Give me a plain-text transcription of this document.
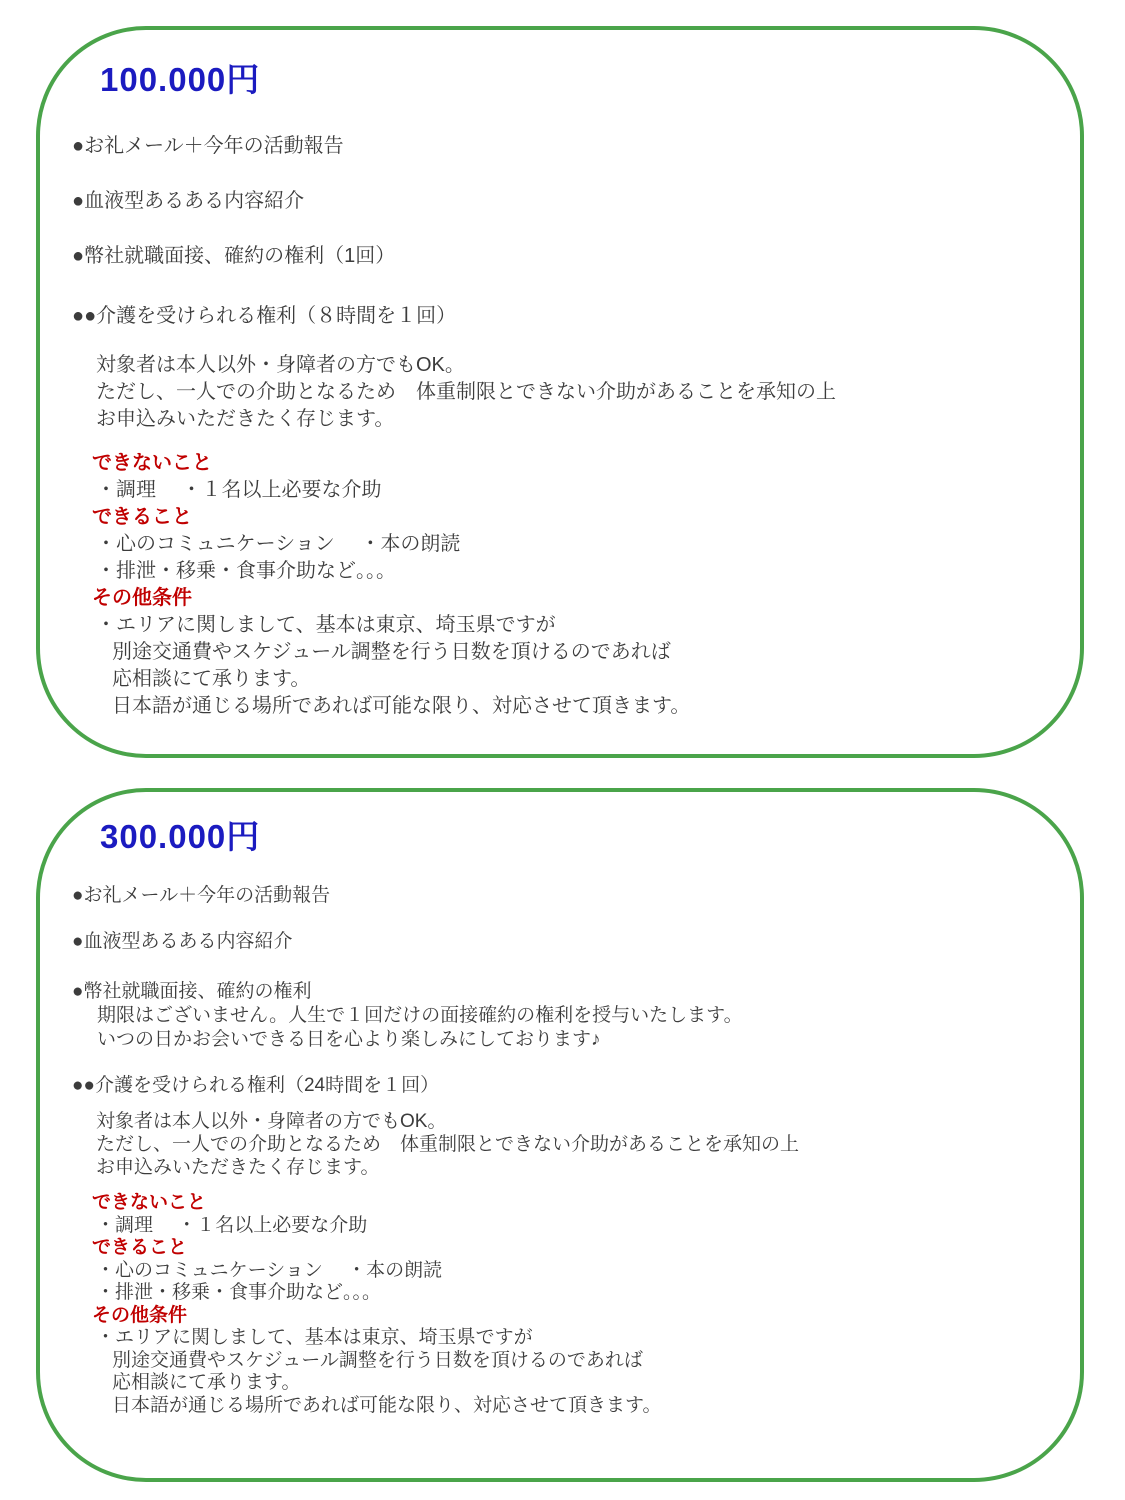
100.000円
●お礼メール＋今年の活動報告
●血液型あるある内容紹介
●幣社就職面接、確約の権利（1回）
●●介護を受けられる権利（８時間を１回）
対象者は本人以外・身障者の方でもOK。
ただし、一人での介助となるため　体重制限とできない介助があることを承知の上
お申込みいただきたく存じます。
できないこと
・調理　 ・１名以上必要な介助
できること
・心のコミュニケーション　 ・本の朗読
・排泄・移乗・食事介助など。。。
その他条件
・エリアに関しまして、基本は東京、埼玉県ですが
別途交通費やスケジュール調整を行う日数を頂けるのであれば
応相談にて承ります。
日本語が通じる場所であれば可能な限り、対応させて頂きます。
300.000円
●お礼メール＋今年の活動報告
●血液型あるある内容紹介
●幣社就職面接、確約の権利
期限はございません。人生で１回だけの面接確約の権利を授与いたします。
いつの日かお会いできる日を心より楽しみにしております♪
●●介護を受けられる権利（24時間を１回）
対象者は本人以外・身障者の方でもOK。
ただし、一人での介助となるため　体重制限とできない介助があることを承知の上
お申込みいただきたく存じます。
できないこと
・調理　 ・１名以上必要な介助
できること
・心のコミュニケーション　 ・本の朗読
・排泄・移乗・食事介助など。。。
その他条件
・エリアに関しまして、基本は東京、埼玉県ですが
別途交通費やスケジュール調整を行う日数を頂けるのであれば
応相談にて承ります。
日本語が通じる場所であれば可能な限り、対応させて頂きます。
